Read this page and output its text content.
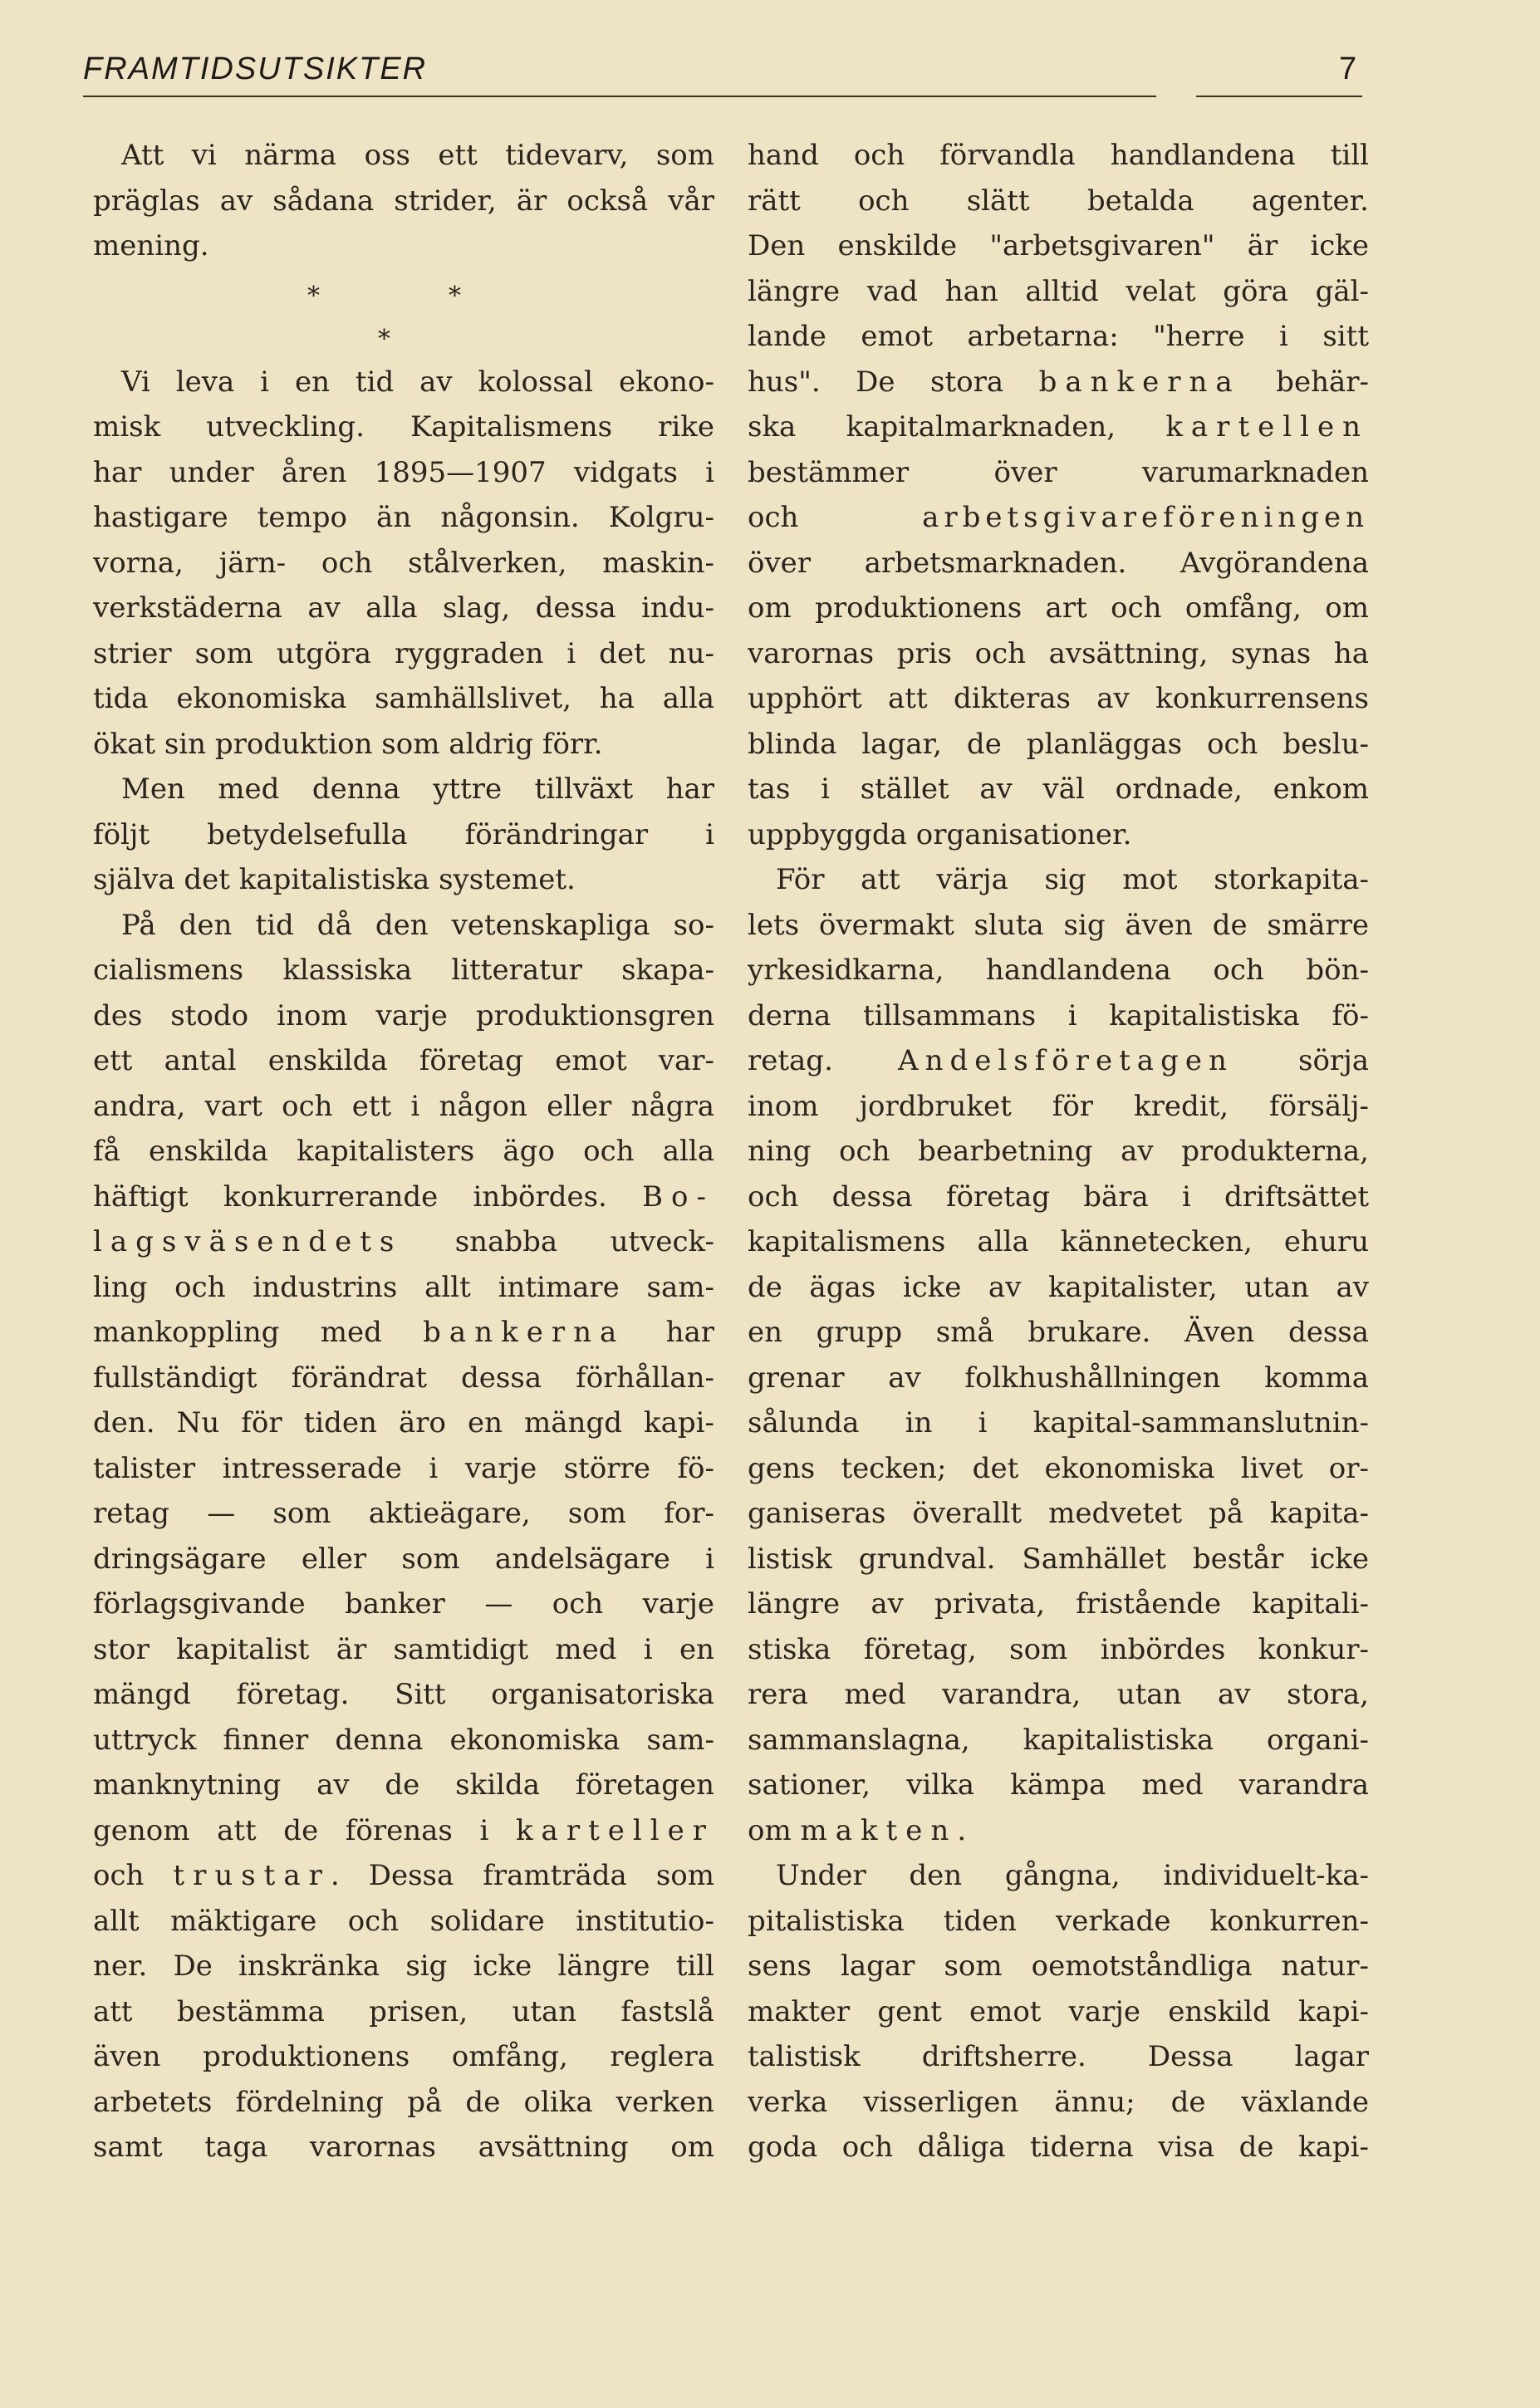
FRAMTIDSUTSIKTER	7
Att vi närma oss ett tidevarv, som
präglas av sådana strider, är också vår
mening.
*	*
*
Vi leva i en tid av kolossal ekono-
misk utveckling. Kapitalismens rike
har under åren 1895—1907 vidgats i
hastigare tempo än någonsin. Kolgru-
vorna, järn- och stålverken, maskin-
verkstäderna av alla slag, dessa indu-
strier som utgöra ryggraden i det nu-
tida ekonomiska samhällslivet, ha alla
ökat sin produktion som aldrig förr.
Men med denna yttre tillväxt har
följt betydelsefulla förändringar i
själva det kapitalistiska systemet.
På den tid då den vetenskapliga so-
cialismens klassiska litteratur skapa-
des stodo inom varje produktionsgren
ett antal enskilda företag emot var-
andra, vart och ett i någon eller några
få enskilda kapitalisters ägo och alla
häftigt konkurrerande inbördes. Bo-
lagsväsendets snabba utveck-
ling och industrins allt intimare sam-
mankoppling med bankerna har
fullständigt förändrat dessa förhållan-
den. Nu för tiden äro en mängd kapi-
talister intresserade i varje större fö-
retag — som aktieägare, som for-
dringsägare eller som andelsägare i
förlagsgivande banker — och varje
stor kapitalist är samtidigt med i en
mängd företag. Sitt organisatoriska
uttryck finner denna ekonomiska sam-
manknytning av de skilda företagen
genom att de förenas i karteller
och trustar. Dessa framträda som
allt mäktigare och solidare institutio-
ner. De inskränka sig icke längre till
att bestämma prisen, utan fastslå
även produktionens omfång, reglera
arbetets fördelning på de olika verken
samt taga varornas avsättning om
hand och förvandla handlandena till
rätt och slätt betalda agenter.
Den enskilde "arbetsgivaren" är icke
längre vad han alltid velat göra gäl-
lande emot arbetarna: "herre i sitt
hus". De stora bankerna behär-
ska kapitalmarknaden, kartellen
bestämmer över varumarknaden
och arbetsgivareföreningen
över arbetsmarknaden. Avgörandena
om produktionens art och omfång, om
varornas pris och avsättning, synas ha
upphört att dikteras av konkurrensens
blinda lagar, de planläggas och beslu-
tas i stället av väl ordnade, enkom
uppbyggda organisationer.
För att värja sig mot storkapita-
lets övermakt sluta sig även de smärre
yrkesidkarna, handlandena och bön-
derna tillsammans i kapitalistiska fö-
retag. Andelsföretagen sörja
inom jordbruket för kredit, försälj-
ning och bearbetning av produkterna,
och dessa företag bära i driftsättet
kapitalismens alla kännetecken, ehuru
de ägas icke av kapitalister, utan av
en grupp små brukare. Även dessa
grenar av folkhushållningen komma
sålunda in i kapital-sammanslutnin-
gens tecken; det ekonomiska livet or-
ganiseras överallt medvetet på kapita-
listisk grundval. Samhället består icke
längre av privata, fristående kapitali-
stiska företag, som inbördes konkur-
rera med varandra, utan av stora,
sammanslagna, kapitalistiska organi-
sationer, vilka kämpa med varandra
om makten.
Under den gångna, individuelt-ka-
pitalistiska tiden verkade konkurren-
sens lagar som oemotståndliga natur-
makter gent emot varje enskild kapi-
talistisk driftsherre. Dessa lagar
verka visserligen ännu; de växlande
goda och dåliga tiderna visa de kapi-
